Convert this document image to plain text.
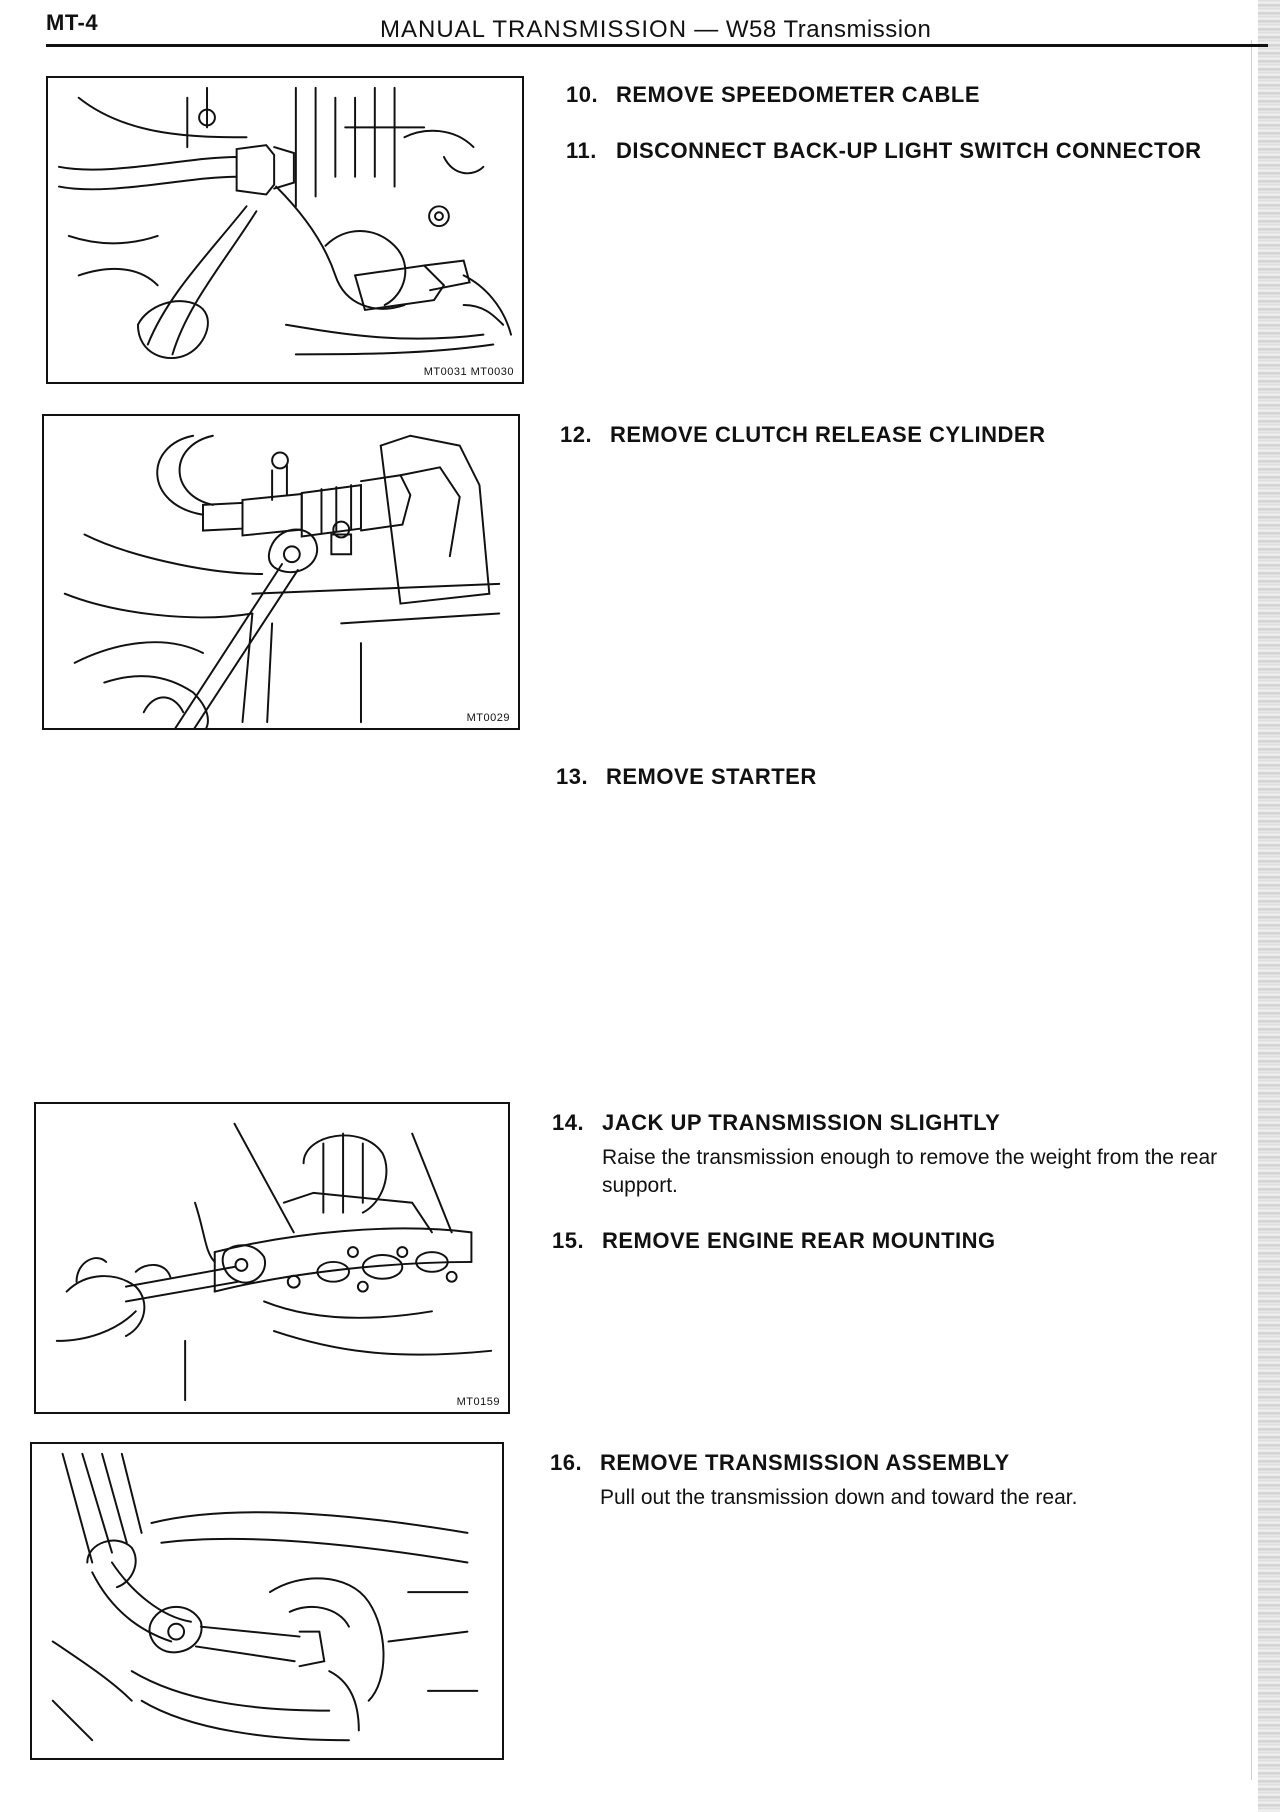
MT-4	MANUAL TRANSMISSION — W58 Transmission
MT0031 MT0030
MT0029
MT0159
10. REMOVE SPEEDOMETER CABLE
11. DISCONNECT BACK-UP LIGHT SWITCH CONNECTOR
12. REMOVE CLUTCH RELEASE CYLINDER
13. REMOVE STARTER
14. JACK UP TRANSMISSION SLIGHTLY
Raise the transmission enough to remove the weight from the rear support.
15. REMOVE ENGINE REAR MOUNTING
16. REMOVE TRANSMISSION ASSEMBLY
Pull out the transmission down and toward the rear.
